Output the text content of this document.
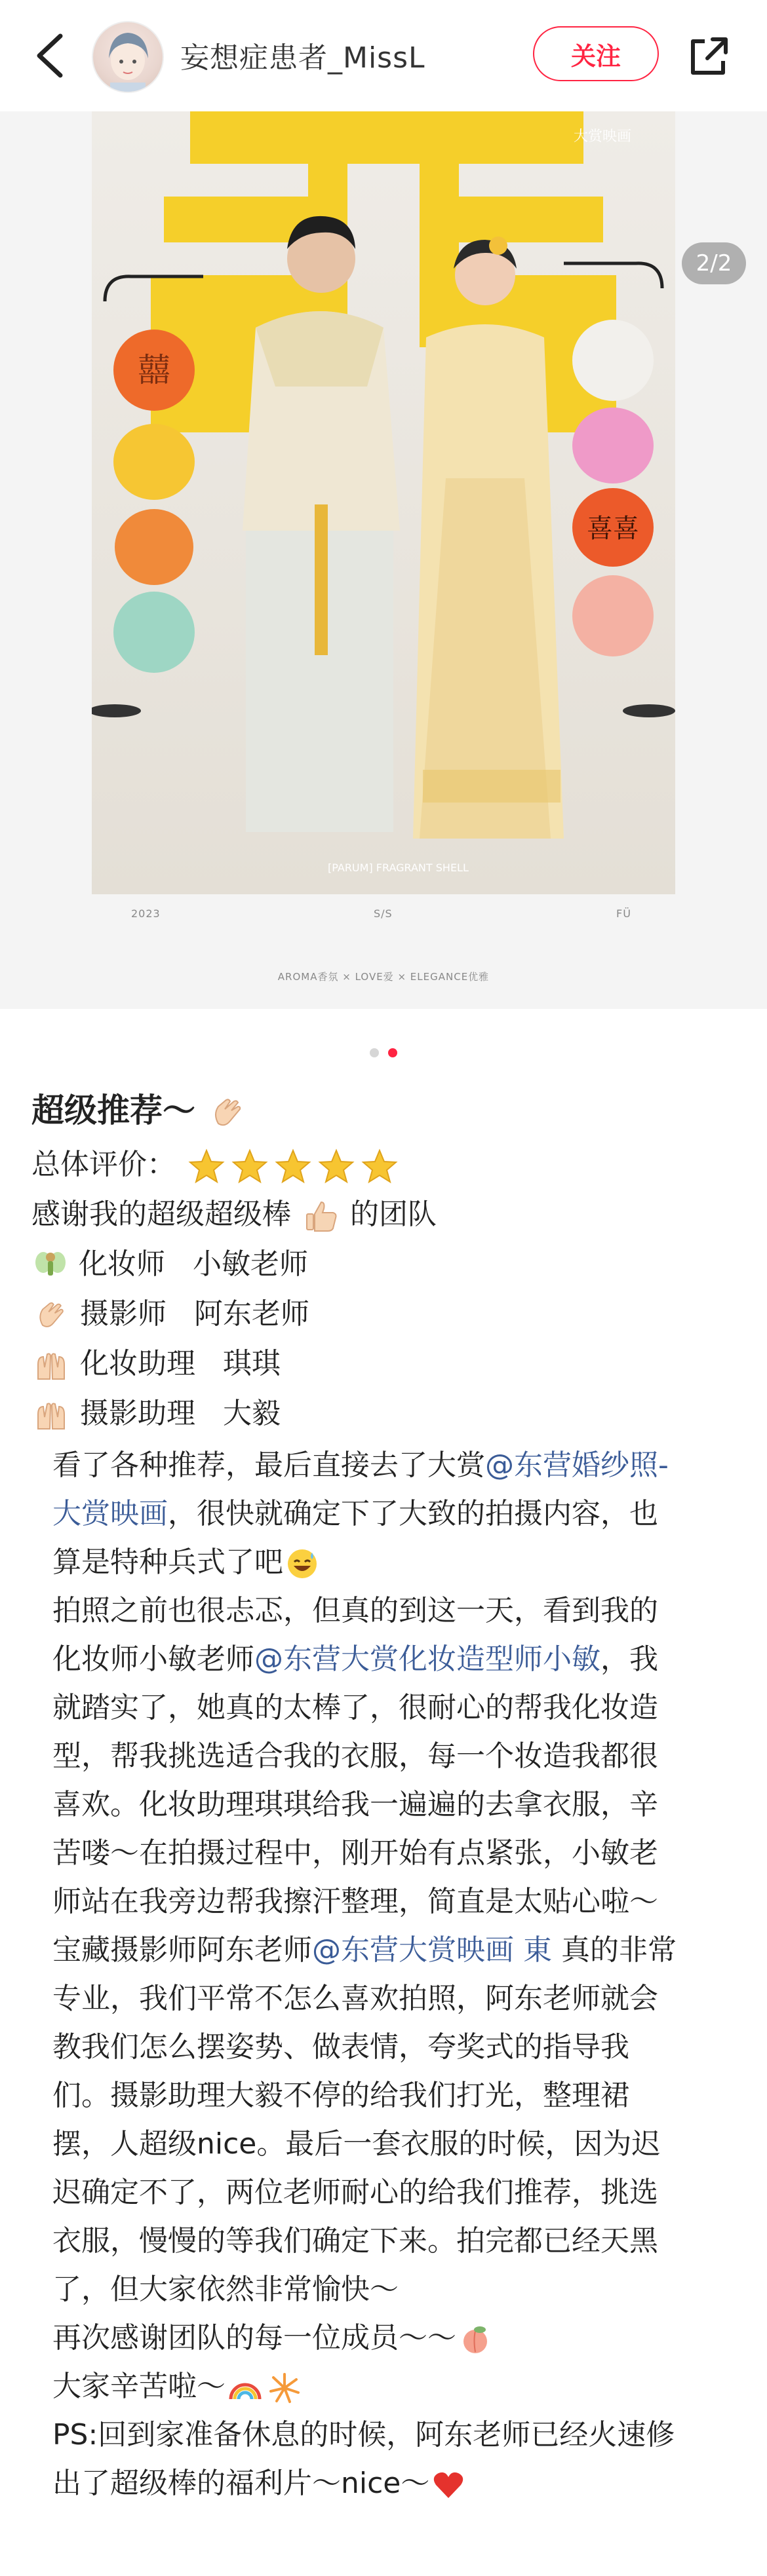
妄想症患者_MissL	关注
囍
喜喜
[PARUM] FRAGRANT SHELL
大赏映画
2/2
2023	S/S	FÜ
AROMA香氛 × LOVE爱 × ELEGANCE优雅
超级推荐～
总体评价：
感谢我的超级超级棒 的团队
化妆师 小敏老师
摄影师 阿东老师
化妆助理 琪琪
摄影助理 大毅
看了各种推荐，最后直接去了大赏@东营婚纱照-
大赏映画，很快就确定下了大致的拍摄内容，也
算是特种兵式了吧
拍照之前也很忐忑，但真的到这一天，看到我的
化妆师小敏老师@东营大赏化妆造型师小敏，我
就踏实了，她真的太棒了，很耐心的帮我化妆造
型，帮我挑选适合我的衣服，每一个妆造我都很
喜欢。化妆助理琪琪给我一遍遍的去拿衣服，辛
苦喽～在拍摄过程中，刚开始有点紧张，小敏老
师站在我旁边帮我擦汗整理，简直是太贴心啦～
宝藏摄影师阿东老师@东营大赏映画 東 真的非常
专业，我们平常不怎么喜欢拍照，阿东老师就会
教我们怎么摆姿势、做表情，夸奖式的指导我
们。摄影助理大毅不停的给我们打光，整理裙
摆，人超级nice。最后一套衣服的时候，因为迟
迟确定不了，两位老师耐心的给我们推荐，挑选
衣服，慢慢的等我们确定下来。拍完都已经天黑
了，但大家依然非常愉快～
再次感谢团队的每一位成员～～
大家辛苦啦～
PS:回到家准备休息的时候，阿东老师已经火速修
出了超级棒的福利片～nice～
